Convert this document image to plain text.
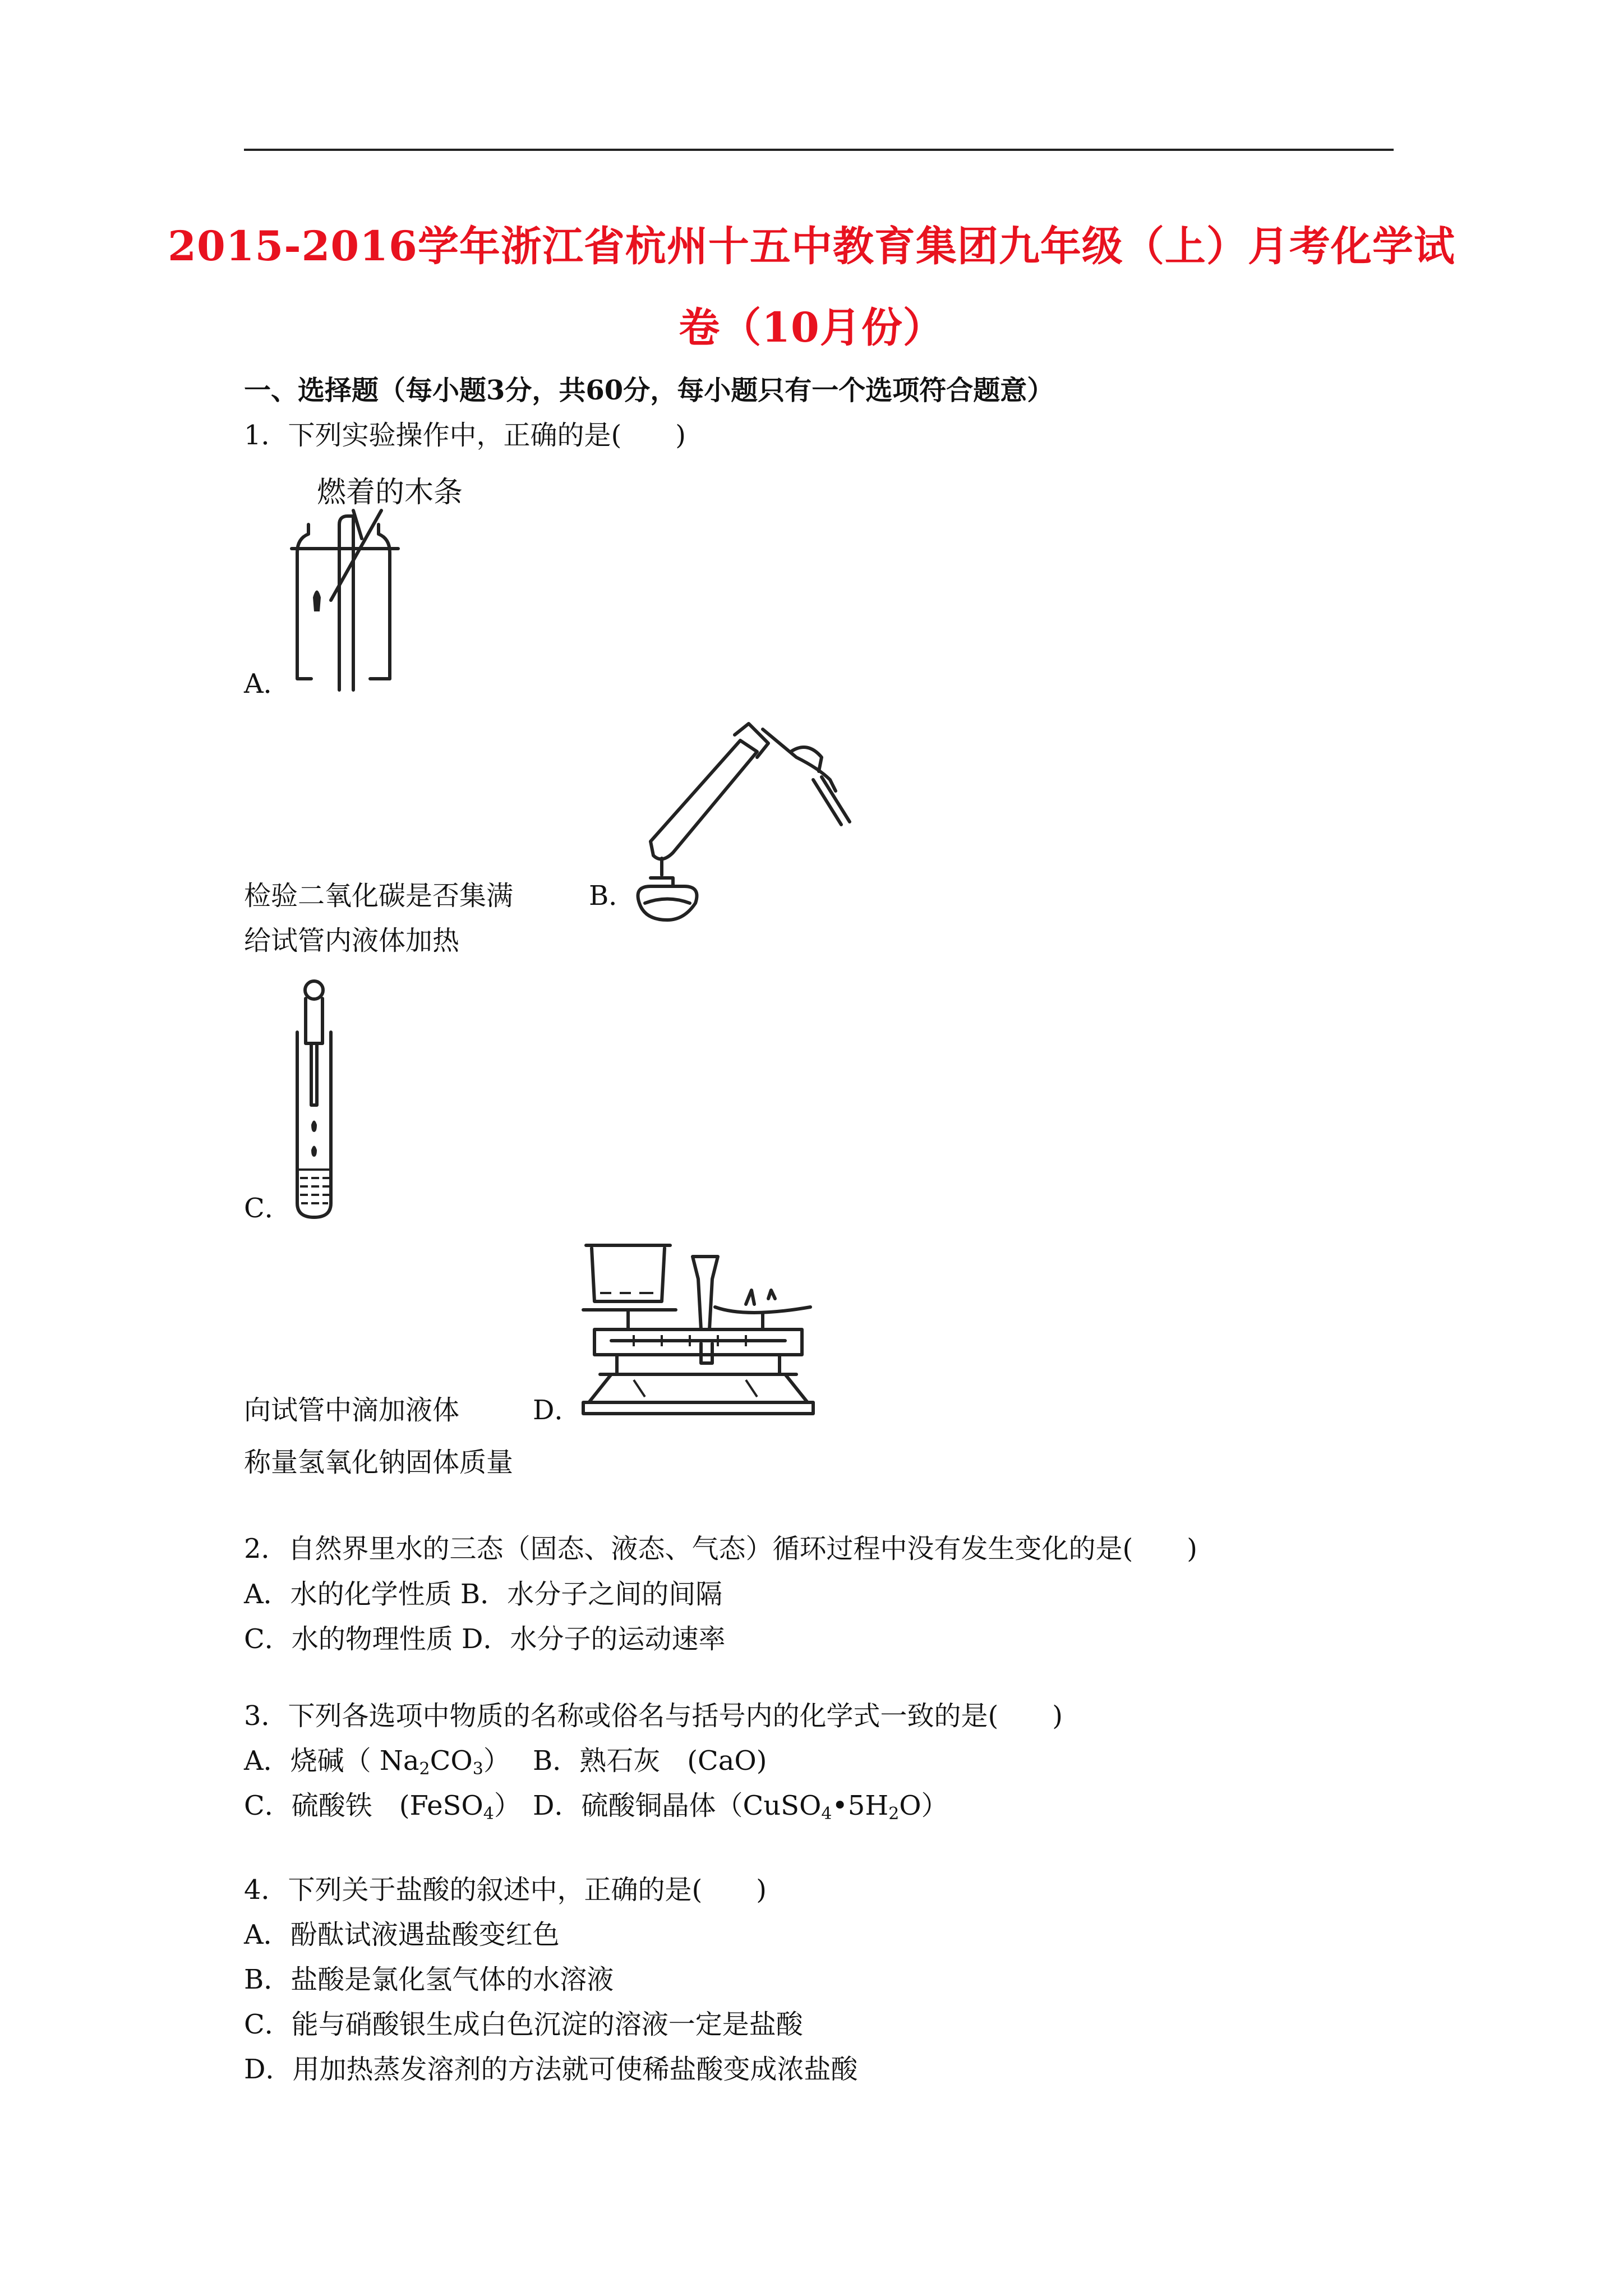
2015-2016学年浙江省杭州十五中教育集团九年级（上）月考化学试
卷（10月份）
一、选择题（每小题3分，共60分，每小题只有一个选项符合题意）
1．下列实验操作中，正确的是(　　)
燃着的木条
A．
检验二氧化碳是否集满	B．
给试管内液体加热
C．
向试管中滴加液体	D．
称量氢氧化钠固体质量
2．自然界里水的三态（固态、液态、气态）循环过程中没有发生变化的是(　　)
A．水的化学性质 B．水分子之间的间隔
C．水的物理性质 D．水分子的运动速率
3．下列各选项中物质的名称或俗名与括号内的化学式一致的是(　　)
A．烧碱（ $Na_2CO_3$） B．熟石灰　(CaO)
C．硫酸铁　(FeSO$_4$） D．硫酸铜晶体$(CuSO_4•5H_2O)$
4．下列关于盐酸的叙述中，正确的是(　　)
A．酚酞试液遇盐酸变红色
B．盐酸是氯化氢气体的水溶液
C．能与硝酸银生成白色沉淀的溶液一定是盐酸
D．用加热蒸发溶剂的方法就可使稀盐酸变成浓盐酸
